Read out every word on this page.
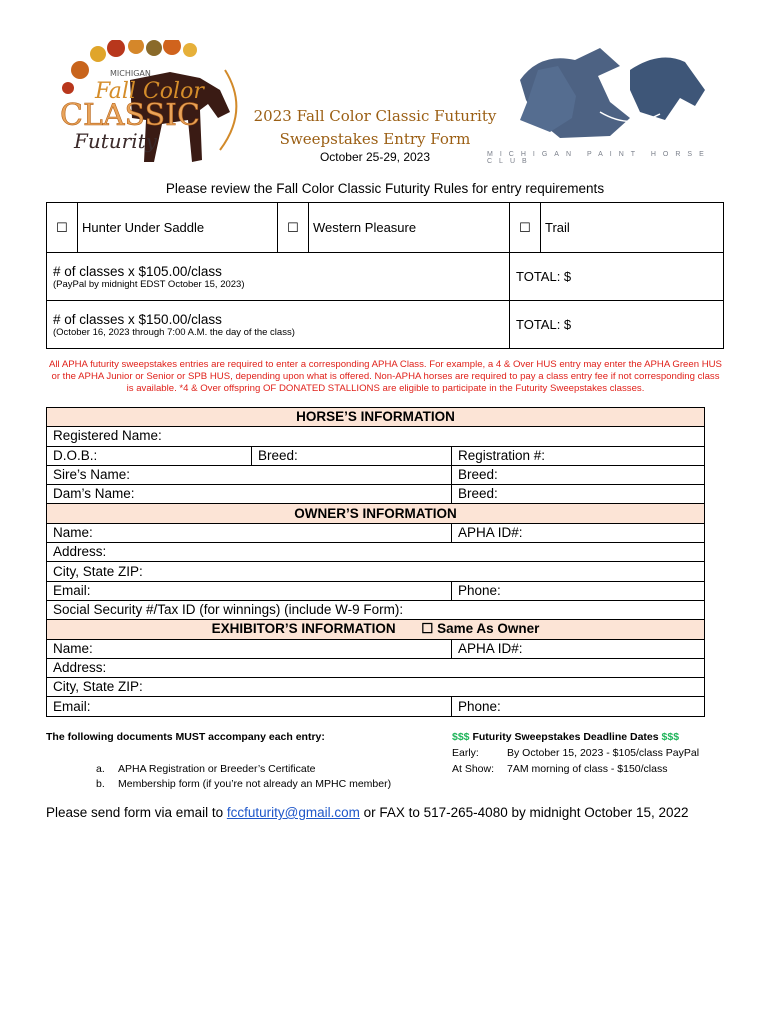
MICHIGAN
Fall Color
CLASSIC
Futurity
MICHIGAN PAINT HORSE CLUB
2023 Fall Color Classic Futurity
Sweepstakes Entry Form
October 25-29, 2023
Please review the Fall Color Classic Futurity Rules for entry requirements
☐	Hunter Under Saddle	☐	Western Pleasure	☐	Trail

# of classes x $105.00/class
(PayPal by midnight EDST October 15, 2023)				TOTAL: $	

# of classes x $150.00/class
(October 16, 2023 through 7:00 A.M. the day of the class)				TOTAL: $	
All APHA futurity sweepstakes entries are required to enter a corresponding APHA Class. For example, a 4 & Over HUS entry may enter the APHA Green HUS or the APHA Junior or Senior or SPB HUS, depending upon what is offered. Non-APHA horses are required to pay a class entry fee if not corresponding class is available. *4 & Over offspring OF DONATED STALLIONS are eligible to participate in the Futurity Sweepstakes classes.
HORSE’S INFORMATION		
Registered Name:		
D.O.B.:	Breed:	Registration #:
Sire’s Name:		Breed:
Dam’s Name:		Breed:
OWNER’S INFORMATION		
Name:		APHA ID#:
Address:		
City, State ZIP:		
Email:		Phone:
Social Security #/Tax ID (for winnings) (include W-9 Form):		
EXHIBITOR’S INFORMATION ☐ Same As Owner		
Name:		APHA ID#:
Address:		
City, State ZIP:		
Email:		Phone:
The following documents MUST accompany each entry:
a. APHA Registration or Breeder’s Certificate
b. Membership form (if you’re not already an MPHC member)
$$$ Futurity Sweepstakes Deadline Dates $$$
Early:	By October 15, 2023 - $105/class PayPal
At Show: 7AM morning of class - $150/class
Please send form via email to fccfuturity@gmail.com or FAX to 517-265-4080 by midnight October 15, 2022
